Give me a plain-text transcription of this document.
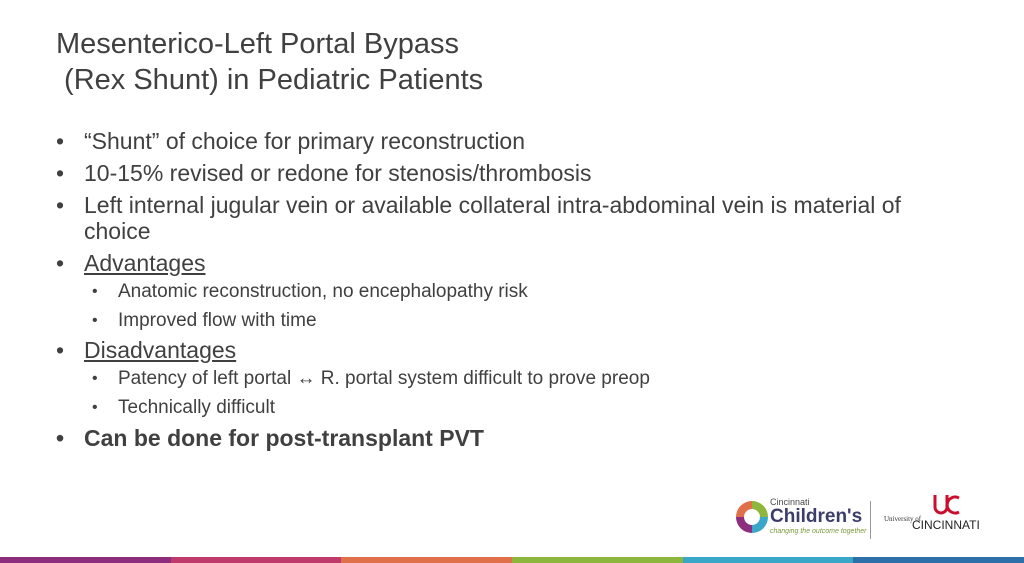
Mesenterico-Left Portal Bypass
(Rex Shunt) in Pediatric Patients
• “Shunt” of choice for primary reconstruction
• 10-15% revised or redone for stenosis/thrombosis
• Left internal jugular vein or available collateral intra-abdominal vein is material of choice
• Advantages
• Anatomic reconstruction, no encephalopathy risk
• Improved flow with time
• Disadvantages
• Patency of left portal ↔ R. portal system difficult to prove preop
• Technically difficult
• Can be done for post-transplant PVT
Cincinnati
Children's
changing the outcome together
University of
CINCINNATI
